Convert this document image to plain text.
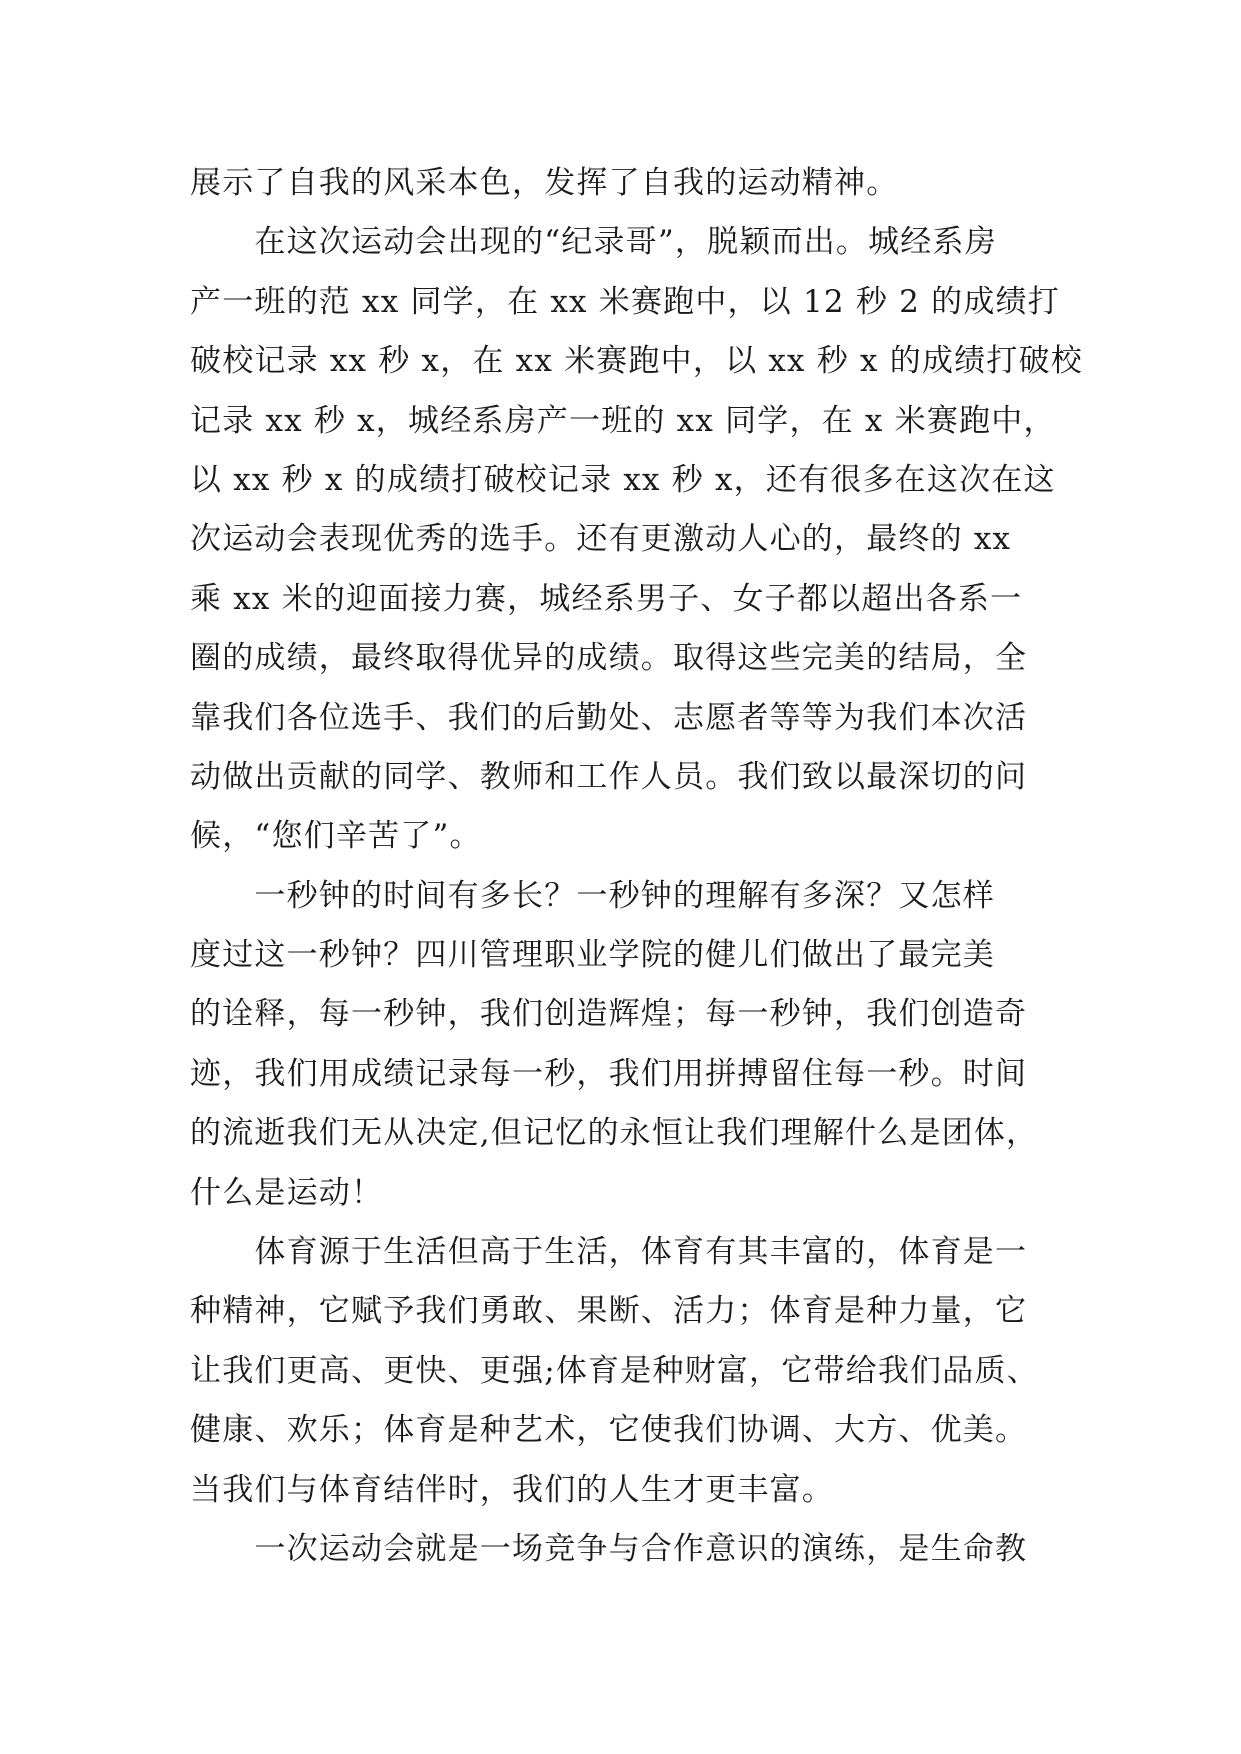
展示了自我的风采本色，发挥了自我的运动精神。
　　在这次运动会出现的“纪录哥”，脱颖而出。城经系房
产一班的范 xx 同学，在 xx 米赛跑中，以 12 秒 2 的成绩打
破校记录 xx 秒 x，在 xx 米赛跑中，以 xx 秒 x 的成绩打破校
记录 xx 秒 x，城经系房产一班的 xx 同学，在 x 米赛跑中，
以 xx 秒 x 的成绩打破校记录 xx 秒 x，还有很多在这次在这
次运动会表现优秀的选手。还有更激动人心的，最终的 xx
乘 xx 米的迎面接力赛，城经系男子、女子都以超出各系一
圈的成绩，最终取得优异的成绩。取得这些完美的结局，全
靠我们各位选手、我们的后勤处、志愿者等等为我们本次活
动做出贡献的同学、教师和工作人员。我们致以最深切的问
候，“您们辛苦了”。
　　一秒钟的时间有多长？一秒钟的理解有多深？又怎样
度过这一秒钟？四川管理职业学院的健儿们做出了最完美
的诠释，每一秒钟，我们创造辉煌；每一秒钟，我们创造奇
迹，我们用成绩记录每一秒，我们用拼搏留住每一秒。时间
的流逝我们无从决定,但记忆的永恒让我们理解什么是团体，
什么是运动！
　　体育源于生活但高于生活，体育有其丰富的，体育是一
种精神，它赋予我们勇敢、果断、活力；体育是种力量，它
让我们更高、更快、更强;体育是种财富，它带给我们品质、
健康、欢乐；体育是种艺术，它使我们协调、大方、优美。
当我们与体育结伴时，我们的人生才更丰富。
　　一次运动会就是一场竞争与合作意识的演练，是生命教
